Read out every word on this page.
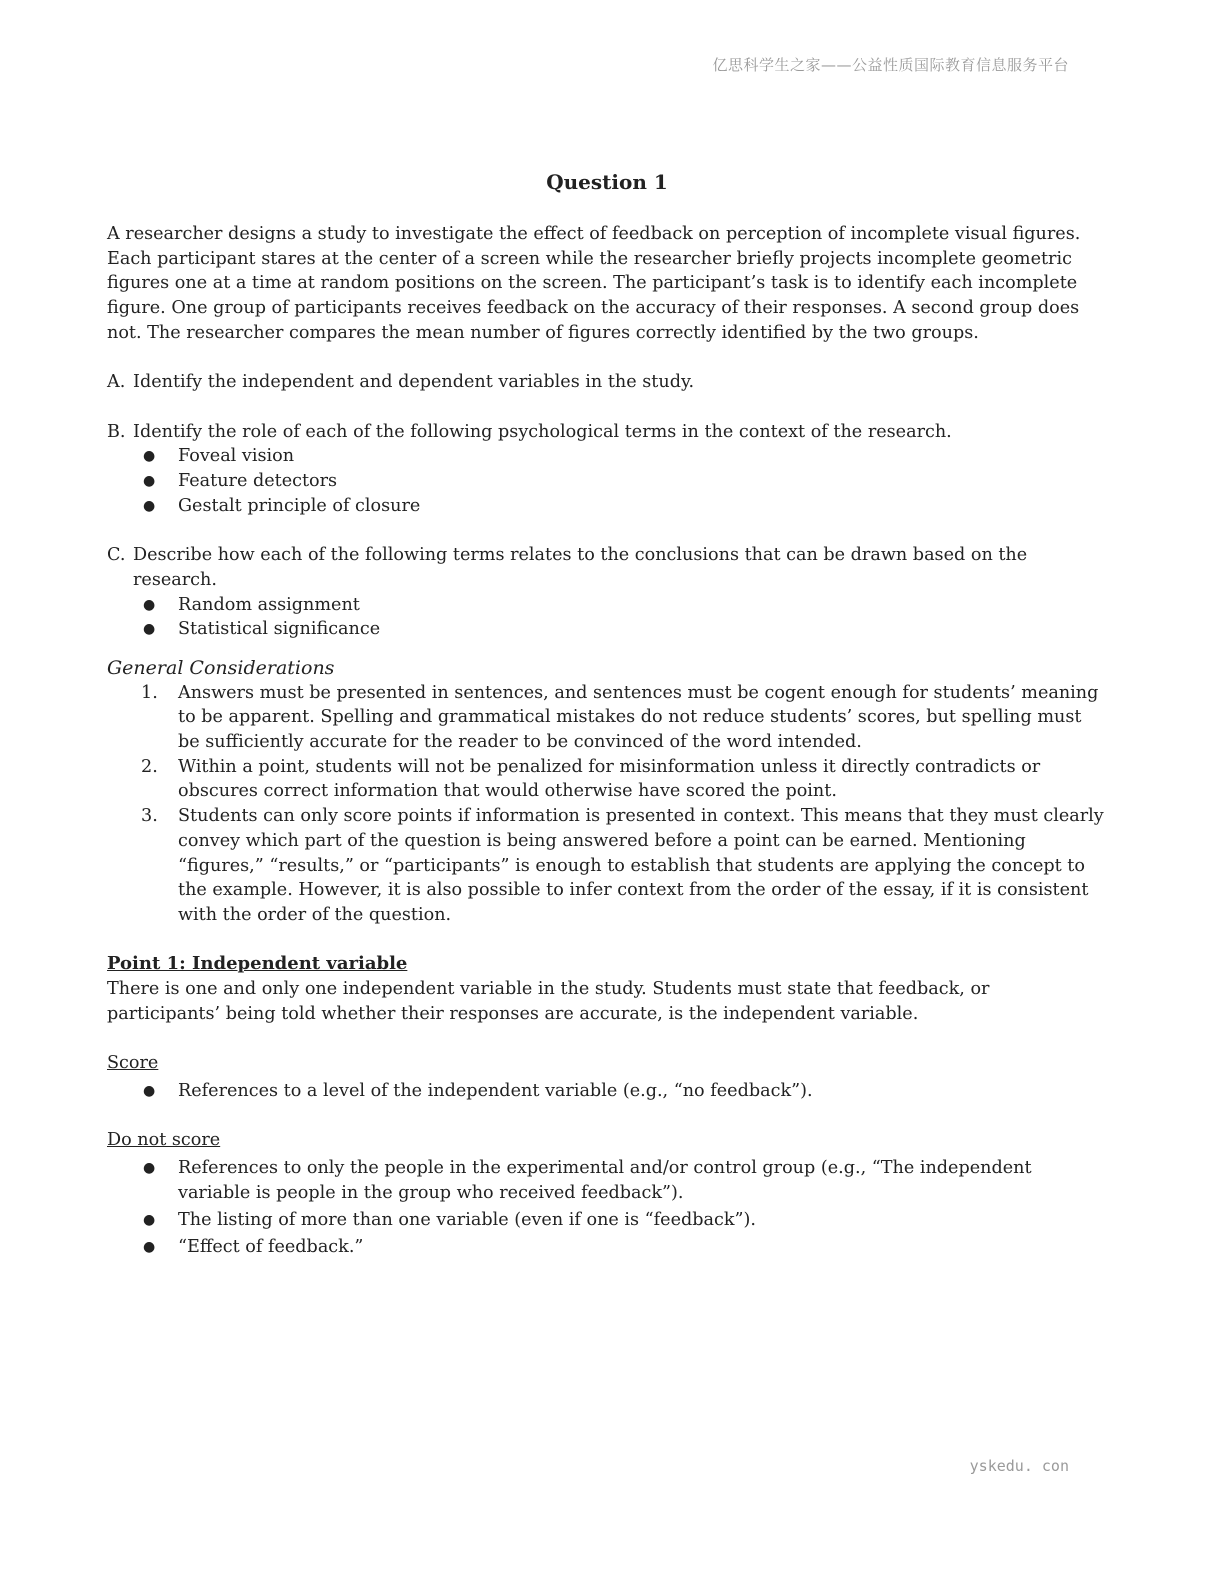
亿思科学生之家——公益性质国际教育信息服务平台
Question 1

A researcher designs a study to investigate the effect of feedback on perception of incomplete visual figures. Each participant stares at the center of a screen while the researcher briefly projects incomplete geometric figures one at a time at random positions on the screen. The participant’s task is to identify each incomplete figure. One group of participants receives feedback on the accuracy of their responses. A second group does not. The researcher compares the mean number of figures correctly identified by the two groups.

A. Identify the independent and dependent variables in the study.
B. Identify the role of each of the following psychological terms in the context of the research.
●	Foveal vision
●	Feature detectors
●	Gestalt principle of closure
C. Describe how each of the following terms relates to the conclusions that can be drawn based on the research.
●	Random assignment
●	Statistical significance
General Considerations
1.	Answers must be presented in sentences, and sentences must be cogent enough for students’ meaning to be apparent. Spelling and grammatical mistakes do not reduce students’ scores, but spelling must be sufficiently accurate for the reader to be convinced of the word intended.
2.	Within a point, students will not be penalized for misinformation unless it directly contradicts or obscures correct information that would otherwise have scored the point.
3.	Students can only score points if information is presented in context. This means that they must clearly convey which part of the question is being answered before a point can be earned. Mentioning “figures,” “results,” or “participants” is enough to establish that students are applying the concept to the example. However, it is also possible to infer context from the order of the essay, if it is consistent with the order of the question.
Point 1: Independent variable

There is one and only one independent variable in the study. Students must state that feedback, or participants’ being told whether their responses are accurate, is the independent variable.

Score
●	References to a level of the independent variable (e.g., “no feedback”).
Do not score
●	References to only the people in the experimental and/or control group (e.g., “The independent variable is people in the group who received feedback”).
●	The listing of more than one variable (even if one is “feedback”).
●	“Effect of feedback.”
yskedu. con
